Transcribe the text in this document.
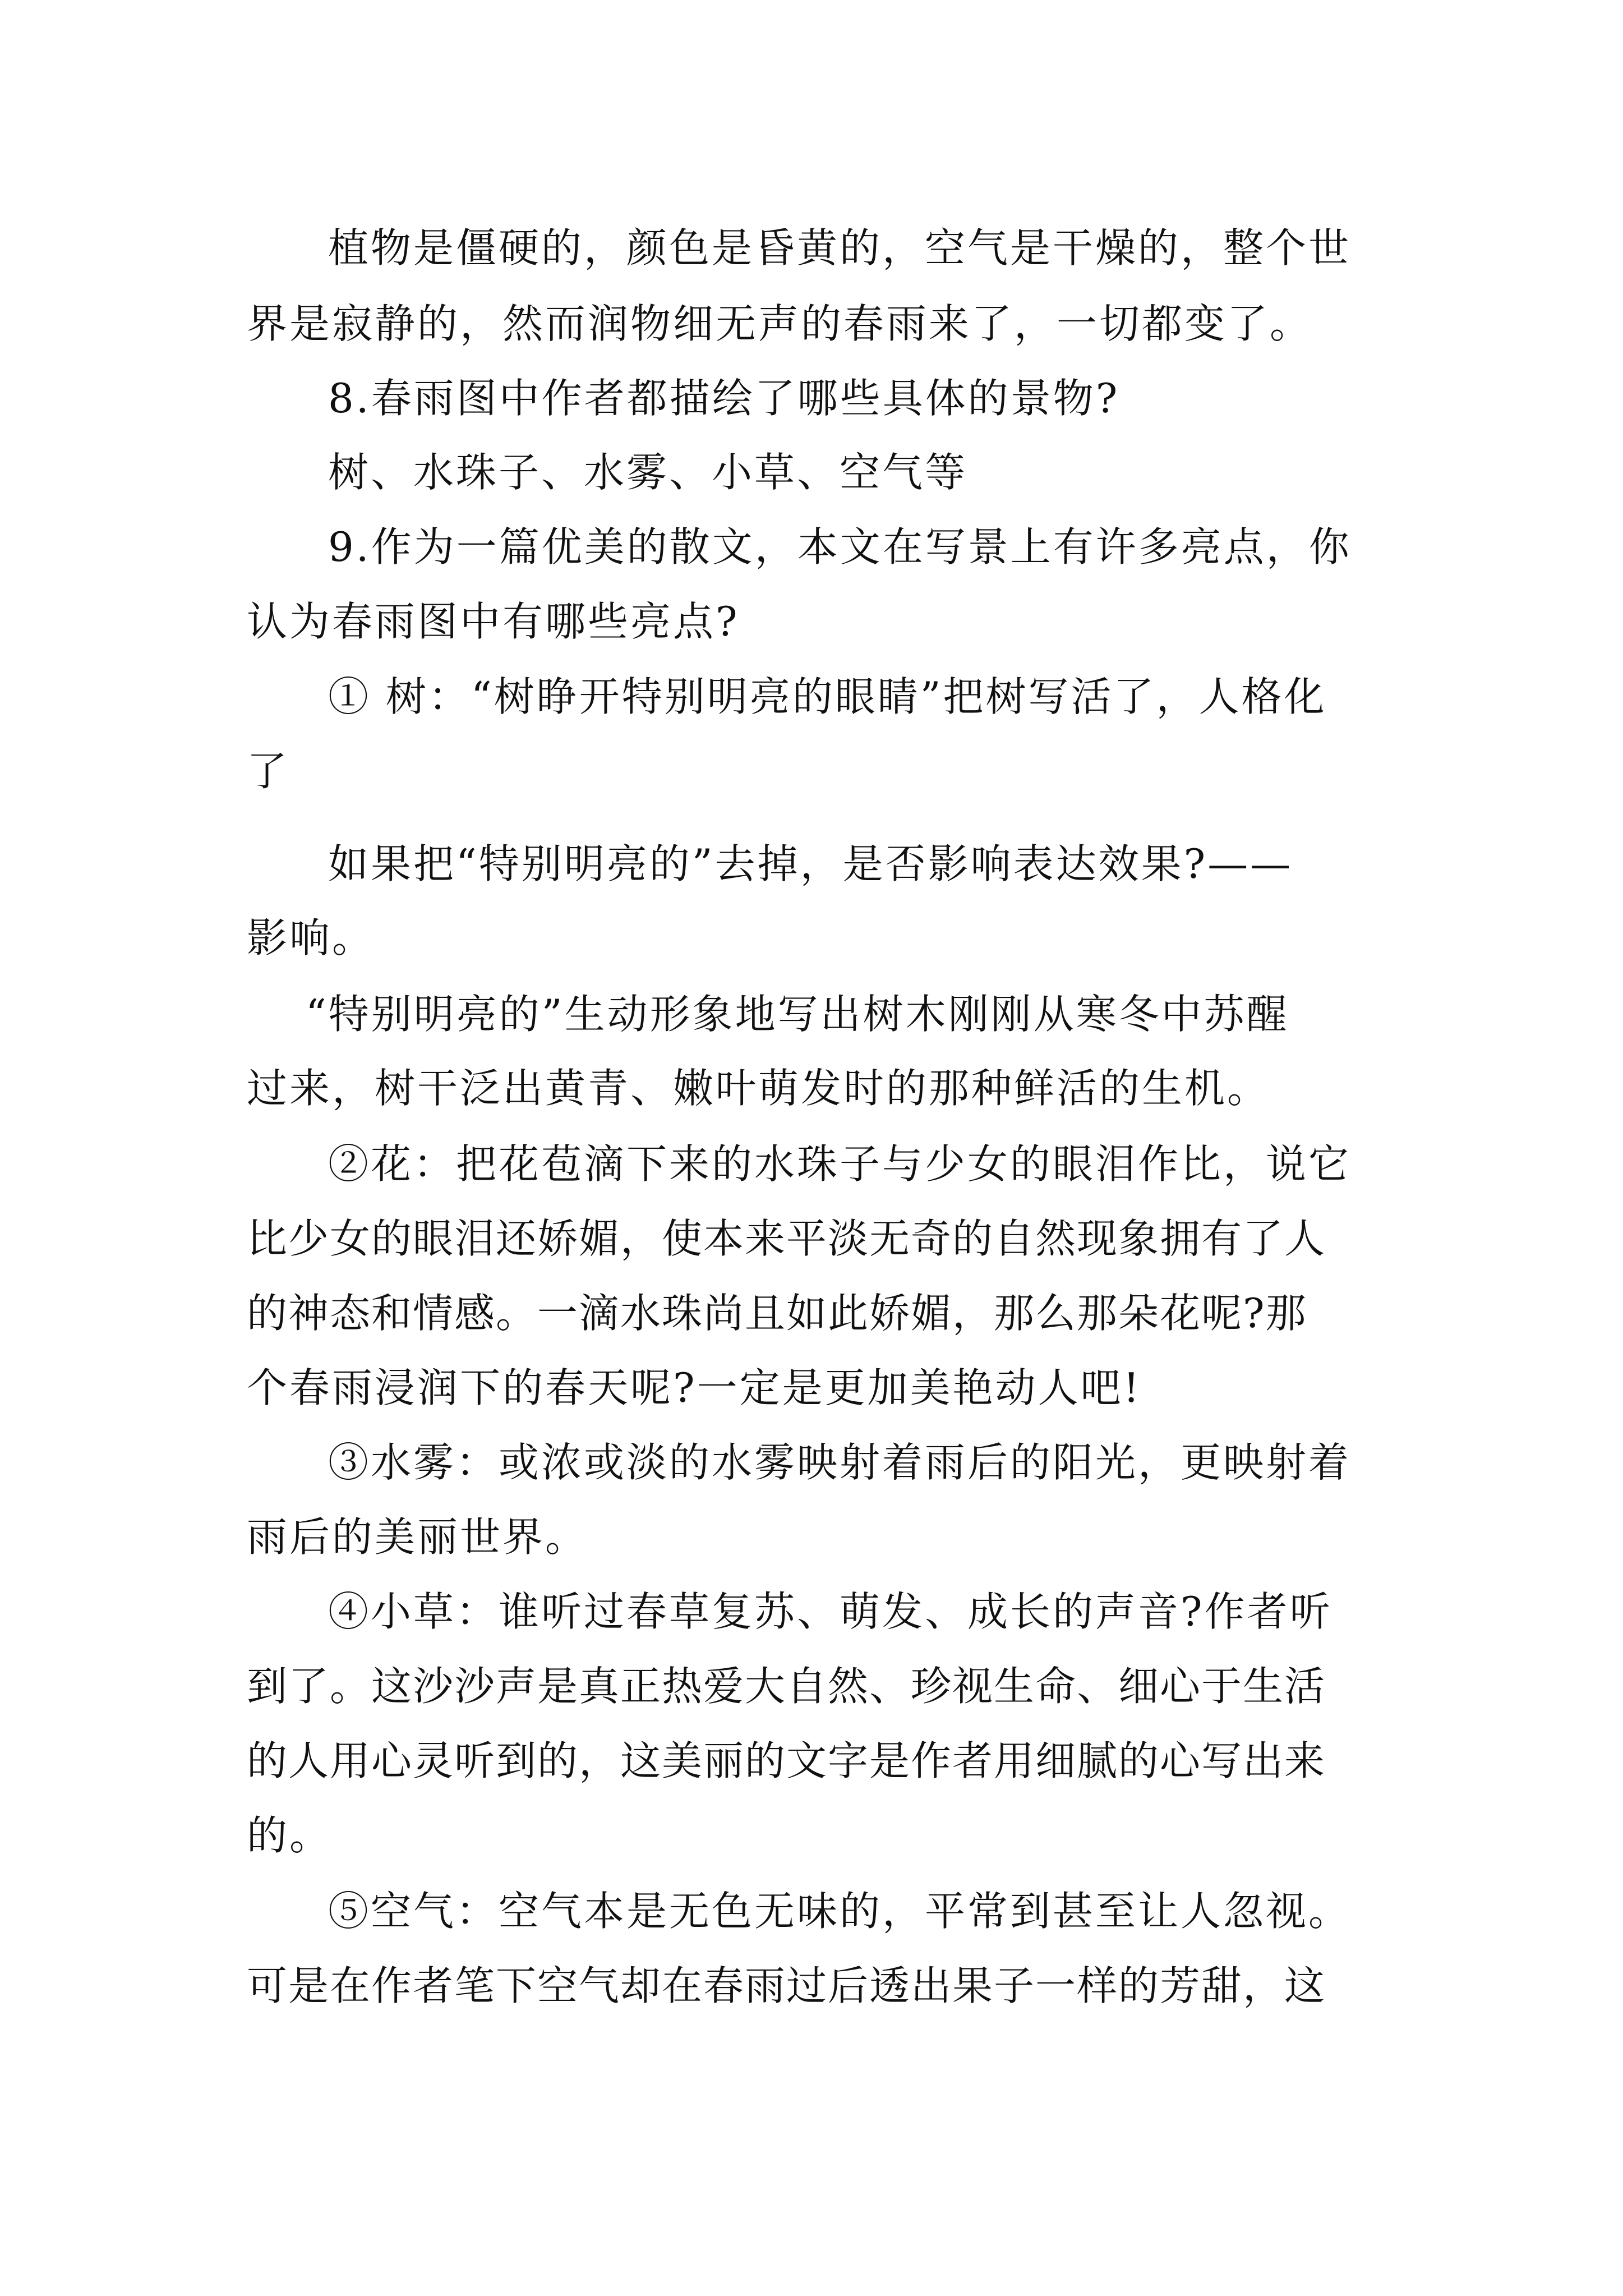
植物是僵硬的，颜色是昏黄的，空气是干燥的，整个世
界是寂静的，然而润物细无声的春雨来了，一切都变了。
8.春雨图中作者都描绘了哪些具体的景物?
树、水珠子、水雾、小草、空气等
9.作为一篇优美的散文，本文在写景上有许多亮点，你
认为春雨图中有哪些亮点?
① 树：“树睁开特别明亮的眼睛”把树写活了，人格化
了
如果把“特别明亮的”去掉，是否影响表达效果?——
影响。
“特别明亮的”生动形象地写出树木刚刚从寒冬中苏醒
过来，树干泛出黄青、嫩叶萌发时的那种鲜活的生机。
②花：把花苞滴下来的水珠子与少女的眼泪作比，说它
比少女的眼泪还娇媚，使本来平淡无奇的自然现象拥有了人
的神态和情感。一滴水珠尚且如此娇媚，那么那朵花呢?那
个春雨浸润下的春天呢?一定是更加美艳动人吧!
③水雾：或浓或淡的水雾映射着雨后的阳光，更映射着
雨后的美丽世界。
④小草：谁听过春草复苏、萌发、成长的声音?作者听
到了。这沙沙声是真正热爱大自然、珍视生命、细心于生活
的人用心灵听到的，这美丽的文字是作者用细腻的心写出来
的。
⑤空气：空气本是无色无味的，平常到甚至让人忽视。
可是在作者笔下空气却在春雨过后透出果子一样的芳甜，这
